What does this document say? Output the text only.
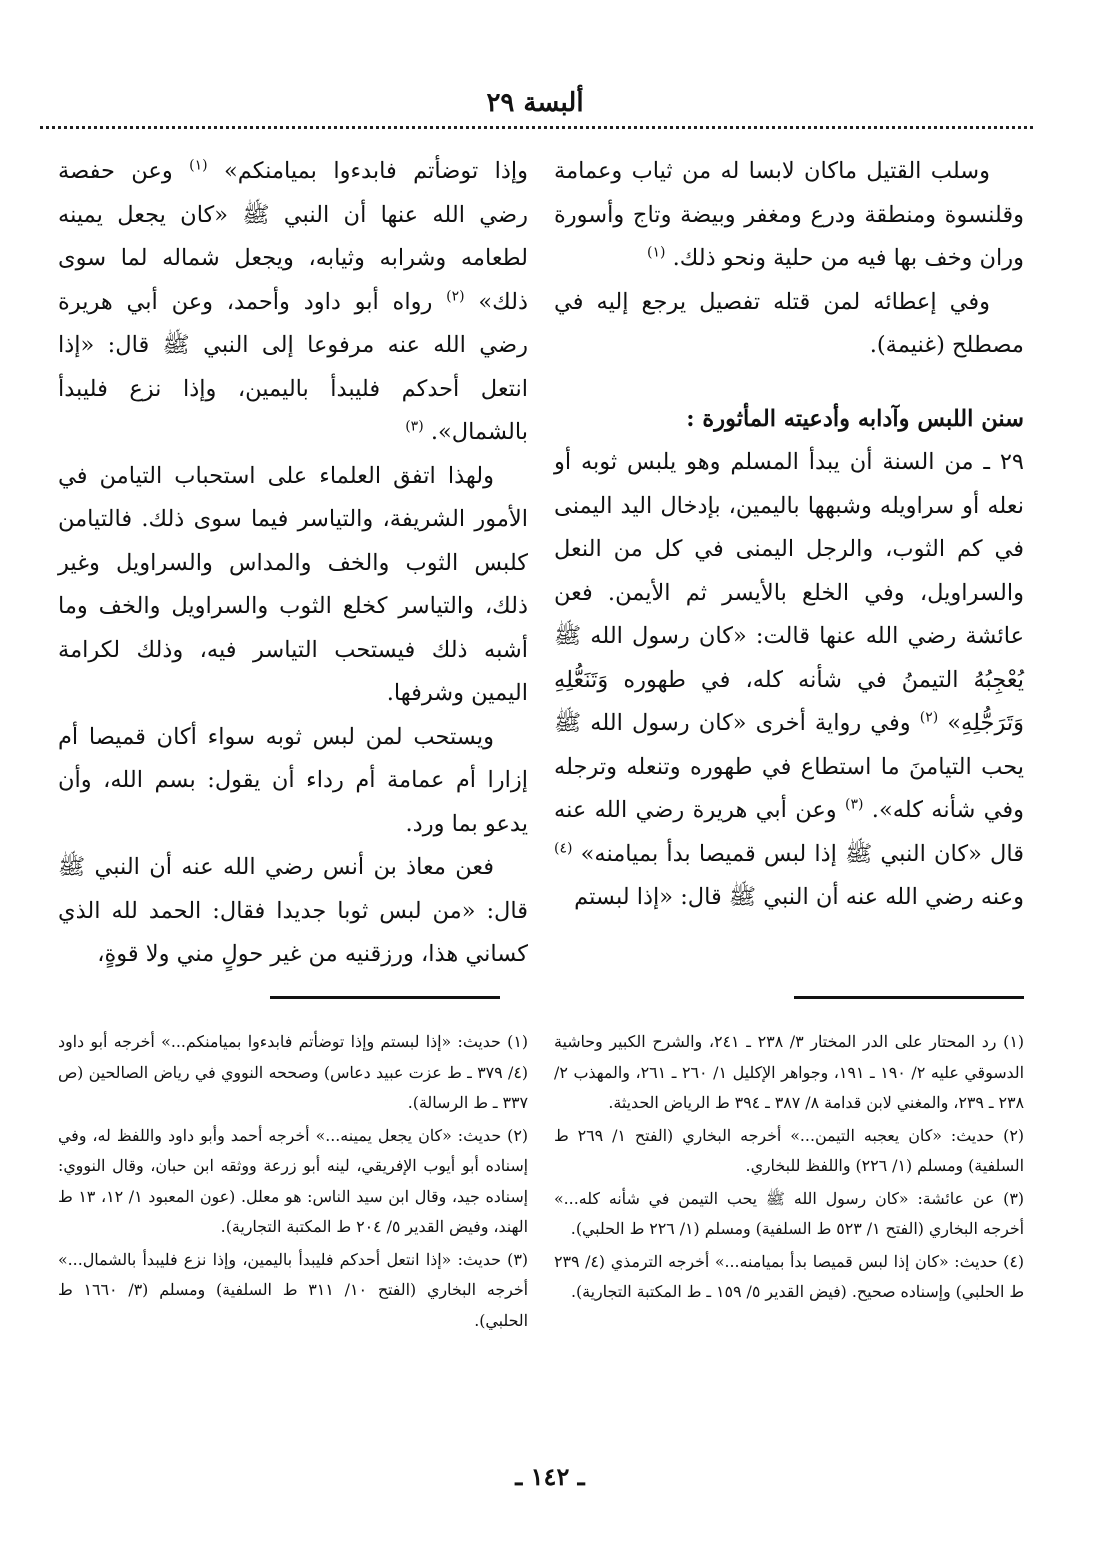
ألبسة ٢٩

وسلب القتيل ماكان لابسا له من ثياب وعمامة وقلنسوة ومنطقة ودرع ومغفر وبيضة وتاج وأسورة وران وخف بها فيه من حلية ونحو ذلك. $^{(١)}$

وفي إعطائه لمن قتله تفصيل يرجع إليه في مصطلح (غنيمة).

سنن اللبس وآدابه وأدعيته المأثورة :

٢٩ ـ من السنة أن يبدأ المسلم وهو يلبس ثوبه أو نعله أو سراويله وشبهها باليمين، بإدخال اليد اليمنى في كم الثوب، والرجل اليمنى في كل من النعل والسراويل، وفي الخلع بالأيسر ثم الأيمن. فعن عائشة رضي الله عنها قالت: «كان رسول الله ﷺ يُعْجِبُهُ التيمنُ في شأنه كله، في طهوره وَتَنَعُّلِهِ وَتَرَجُّلِهِ» $^{(٢)}$ وفي رواية أخرى «كان رسول الله ﷺ يحب التيامنَ ما استطاع في طهوره وتنعله وترجله وفي شأنه كله». $^{(٣)}$ وعن أبي هريرة رضي الله عنه قال «كان النبي ﷺ إذا لبس قميصا بدأ بميامنه» $^{(٤)}$ وعنه رضي الله عنه أن النبي ﷺ قال: «إذا لبستم

وإذا توضأتم فابدءوا بميامنكم» $^{(١)}$ وعن حفصة رضي الله عنها أن النبي ﷺ «كان يجعل يمينه لطعامه وشرابه وثيابه، ويجعل شماله لما سوى ذلك» $^{(٢)}$ رواه أبو داود وأحمد، وعن أبي هريرة رضي الله عنه مرفوعا إلى النبي ﷺ قال: «إذا انتعل أحدكم فليبدأ باليمين، وإذا نزع فليبدأ بالشمال». $^{(٣)}$

ولهذا اتفق العلماء على استحباب التيامن في الأمور الشريفة، والتياسر فيما سوى ذلك. فالتيامن كلبس الثوب والخف والمداس والسراويل وغير ذلك، والتياسر كخلع الثوب والسراويل والخف وما أشبه ذلك فيستحب التياسر فيه، وذلك لكرامة اليمين وشرفها.

ويستحب لمن لبس ثوبه سواء أكان قميصا أم إزارا أم عمامة أم رداء أن يقول: بسم الله، وأن يدعو بما ورد.

فعن معاذ بن أنس رضي الله عنه أن النبي ﷺ قال: «من لبس ثوبا جديدا فقال: الحمد لله الذي كساني هذا، ورزقنيه من غير حولٍ مني ولا قوةٍ،

(١) رد المحتار على الدر المختار ٣/ ٢٣٨ ـ ٢٤١، والشرح الكبير وحاشية الدسوقي عليه ٢/ ١٩٠ ـ ١٩١، وجواهر الإكليل ١/ ٢٦٠ ـ ٢٦١، والمهذب ٢/ ٢٣٨ ـ ٢٣٩، والمغني لابن قدامة ٨/ ٣٨٧ ـ ٣٩٤ ط الرياض الحديثة.

(٢) حديث: «كان يعجبه التيمن...» أخرجه البخاري (الفتح ١/ ٢٦٩ ط السلفية) ومسلم (١/ ٢٢٦) واللفظ للبخاري.

(٣) عن عائشة: «كان رسول الله ﷺ يحب التيمن في شأنه كله...» أخرجه البخاري (الفتح ١/ ٥٢٣ ط السلفية) ومسلم (١/ ٢٢٦ ط الحلبي).

(٤) حديث: «كان إذا لبس قميصا بدأ بميامنه...» أخرجه الترمذي (٤/ ٢٣٩ ط الحلبي) وإسناده صحيح. (فيض القدير ٥/ ١٥٩ ـ ط المكتبة التجارية).

(١) حديث: «إذا لبستم وإذا توضأتم فابدءوا بميامنكم...» أخرجه أبو داود (٤/ ٣٧٩ ـ ط عزت عبيد دعاس) وصححه النووي في رياض الصالحين (ص ٣٣٧ ـ ط الرسالة).

(٢) حديث: «كان يجعل يمينه...» أخرجه أحمد وأبو داود واللفظ له، وفي إسناده أبو أيوب الإفريقي، لينه أبو زرعة ووثقه ابن حبان، وقال النووي: إسناده جيد، وقال ابن سيد الناس: هو معلل. (عون المعبود ١/ ١٢، ١٣ ط الهند، وفيض القدير ٥/ ٢٠٤ ط المكتبة التجارية).

(٣) حديث: «إذا انتعل أحدكم فليبدأ باليمين، وإذا نزع فليبدأ بالشمال...» أخرجه البخاري (الفتح ١٠/ ٣١١ ط السلفية) ومسلم (٣/ ١٦٦٠ ط الحلبي).

ـ ١٤٢ ـ
